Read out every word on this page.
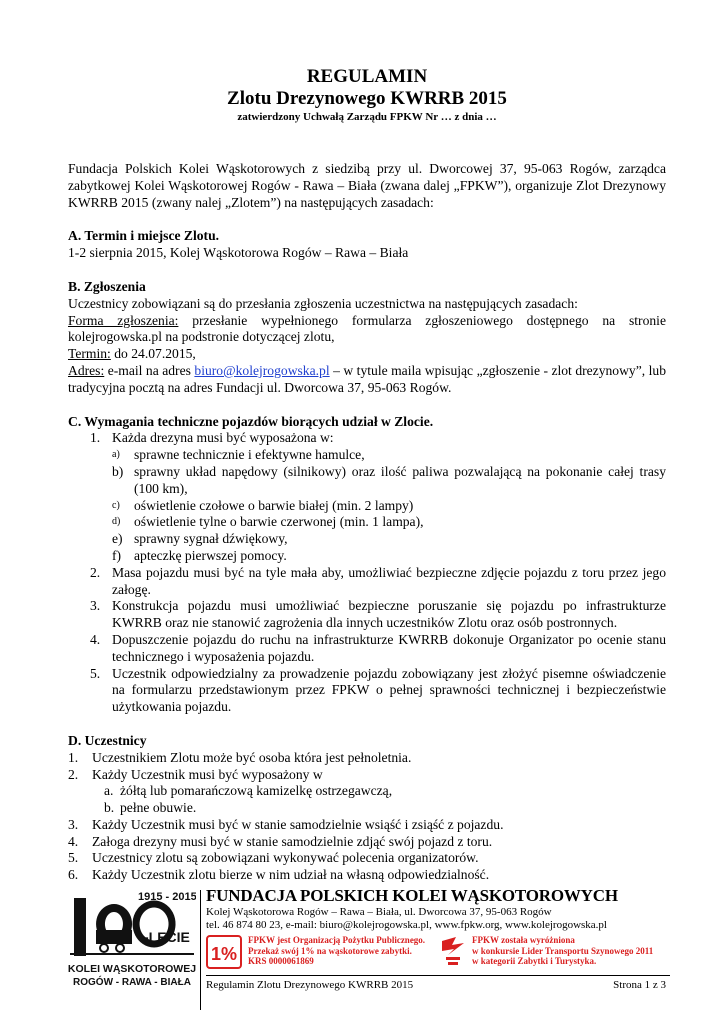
REGULAMIN
Zlotu Drezynowego KWRRB 2015
zatwierdzony Uchwałą Zarządu FPKW Nr … z dnia …
Fundacja Polskich Kolei Wąskotorowych z siedzibą przy ul. Dworcowej 37, 95-063 Rogów, zarządca zabytkowej Kolei Wąskotorowej Rogów - Rawa – Biała (zwana dalej „FPKW”), organizuje Zlot Drezynowy KWRRB 2015 (zwany nalej „Zlotem”) na następujących zasadach:
A. Termin i miejsce Zlotu.
1-2 sierpnia 2015, Kolej Wąskotorowa Rogów – Rawa – Biała
B. Zgłoszenia
Uczestnicy zobowiązani są do przesłania zgłoszenia uczestnictwa na następujących zasadach:
Forma zgłoszenia: przesłanie wypełnionego formularza zgłoszeniowego dostępnego na stronie kolejrogowska.pl na podstronie dotyczącej zlotu,
Termin: do 24.07.2015,
Adres: e-mail na adres biuro@kolejrogowska.pl – w tytule maila wpisując „zgłoszenie - zlot drezynowy”, lub tradycyjna pocztą na adres Fundacji ul. Dworcowa 37, 95-063 Rogów.
C. Wymagania techniczne pojazdów biorących udział w Zlocie.
1. Każda drezyna musi być wyposażona w:
a) sprawne technicznie i efektywne hamulce,
b) sprawny układ napędowy (silnikowy) oraz ilość paliwa pozwalającą na pokonanie całej trasy (100 km),
c) oświetlenie czołowe o barwie białej (min. 2 lampy)
d) oświetlenie tylne o barwie czerwonej (min. 1 lampa),
e) sprawny sygnał dźwiękowy,
f) apteczkę pierwszej pomocy.
2. Masa pojazdu musi być na tyle mała aby, umożliwiać bezpieczne zdjęcie pojazdu z toru przez jego załogę.
3. Konstrukcja pojazdu musi umożliwiać bezpieczne poruszanie się pojazdu po infrastrukturze KWRRB oraz nie stanowić zagrożenia dla innych uczestników Zlotu oraz osób postronnych.
4. Dopuszczenie pojazdu do ruchu na infrastrukturze KWRRB dokonuje Organizator po ocenie stanu technicznego i wyposażenia pojazdu.
5. Uczestnik odpowiedzialny za prowadzenie pojazdu zobowiązany jest złożyć pisemne oświadczenie na formularzu przedstawionym przez FPKW o pełnej sprawności technicznej i bezpieczeństwie użytkowania pojazdu.
D. Uczestnicy
1. Uczestnikiem Zlotu może być osoba która jest pełnoletnia.
2. Każdy Uczestnik musi być wyposażony w
a. żółtą lub pomarańczową kamizelkę ostrzegawczą,
b. pełne obuwie.
3. Każdy Uczestnik musi być w stanie samodzielnie wsiąść i zsiąść z pojazdu.
4. Załoga drezyny musi być w stanie samodzielnie zdjąć swój pojazd z toru.
5. Uczestnicy zlotu są zobowiązani wykonywać polecenia organizatorów.
6. Każdy Uczestnik zlotu bierze w nim udział na własną odpowiedzialność.
1915 - 2015
-LECIE
KOLEI WĄSKOTOROWEJ
ROGÓW - RAWA - BIAŁA
FUNDACJA POLSKICH KOLEI WĄSKOTOROWYCH
Kolej Wąskotorowa Rogów – Rawa – Biała, ul. Dworcowa 37, 95-063 Rogów
tel. 46 874 80 23, e-mail: biuro@kolejrogowska.pl, www.fpkw.org, www.kolejrogowska.pl
1%
FPKW jest Organizacją Pożytku Publicznego.
Przekaż swój 1% na wąskotorowe zabytki.
KRS 0000061869
FPKW została wyróżniona
w konkursie Lider Transportu Szynowego 2011
w kategorii Zabytki i Turystyka.
Regulamin Zlotu Drezynowego KWRRB 2015	Strona 1 z 3
